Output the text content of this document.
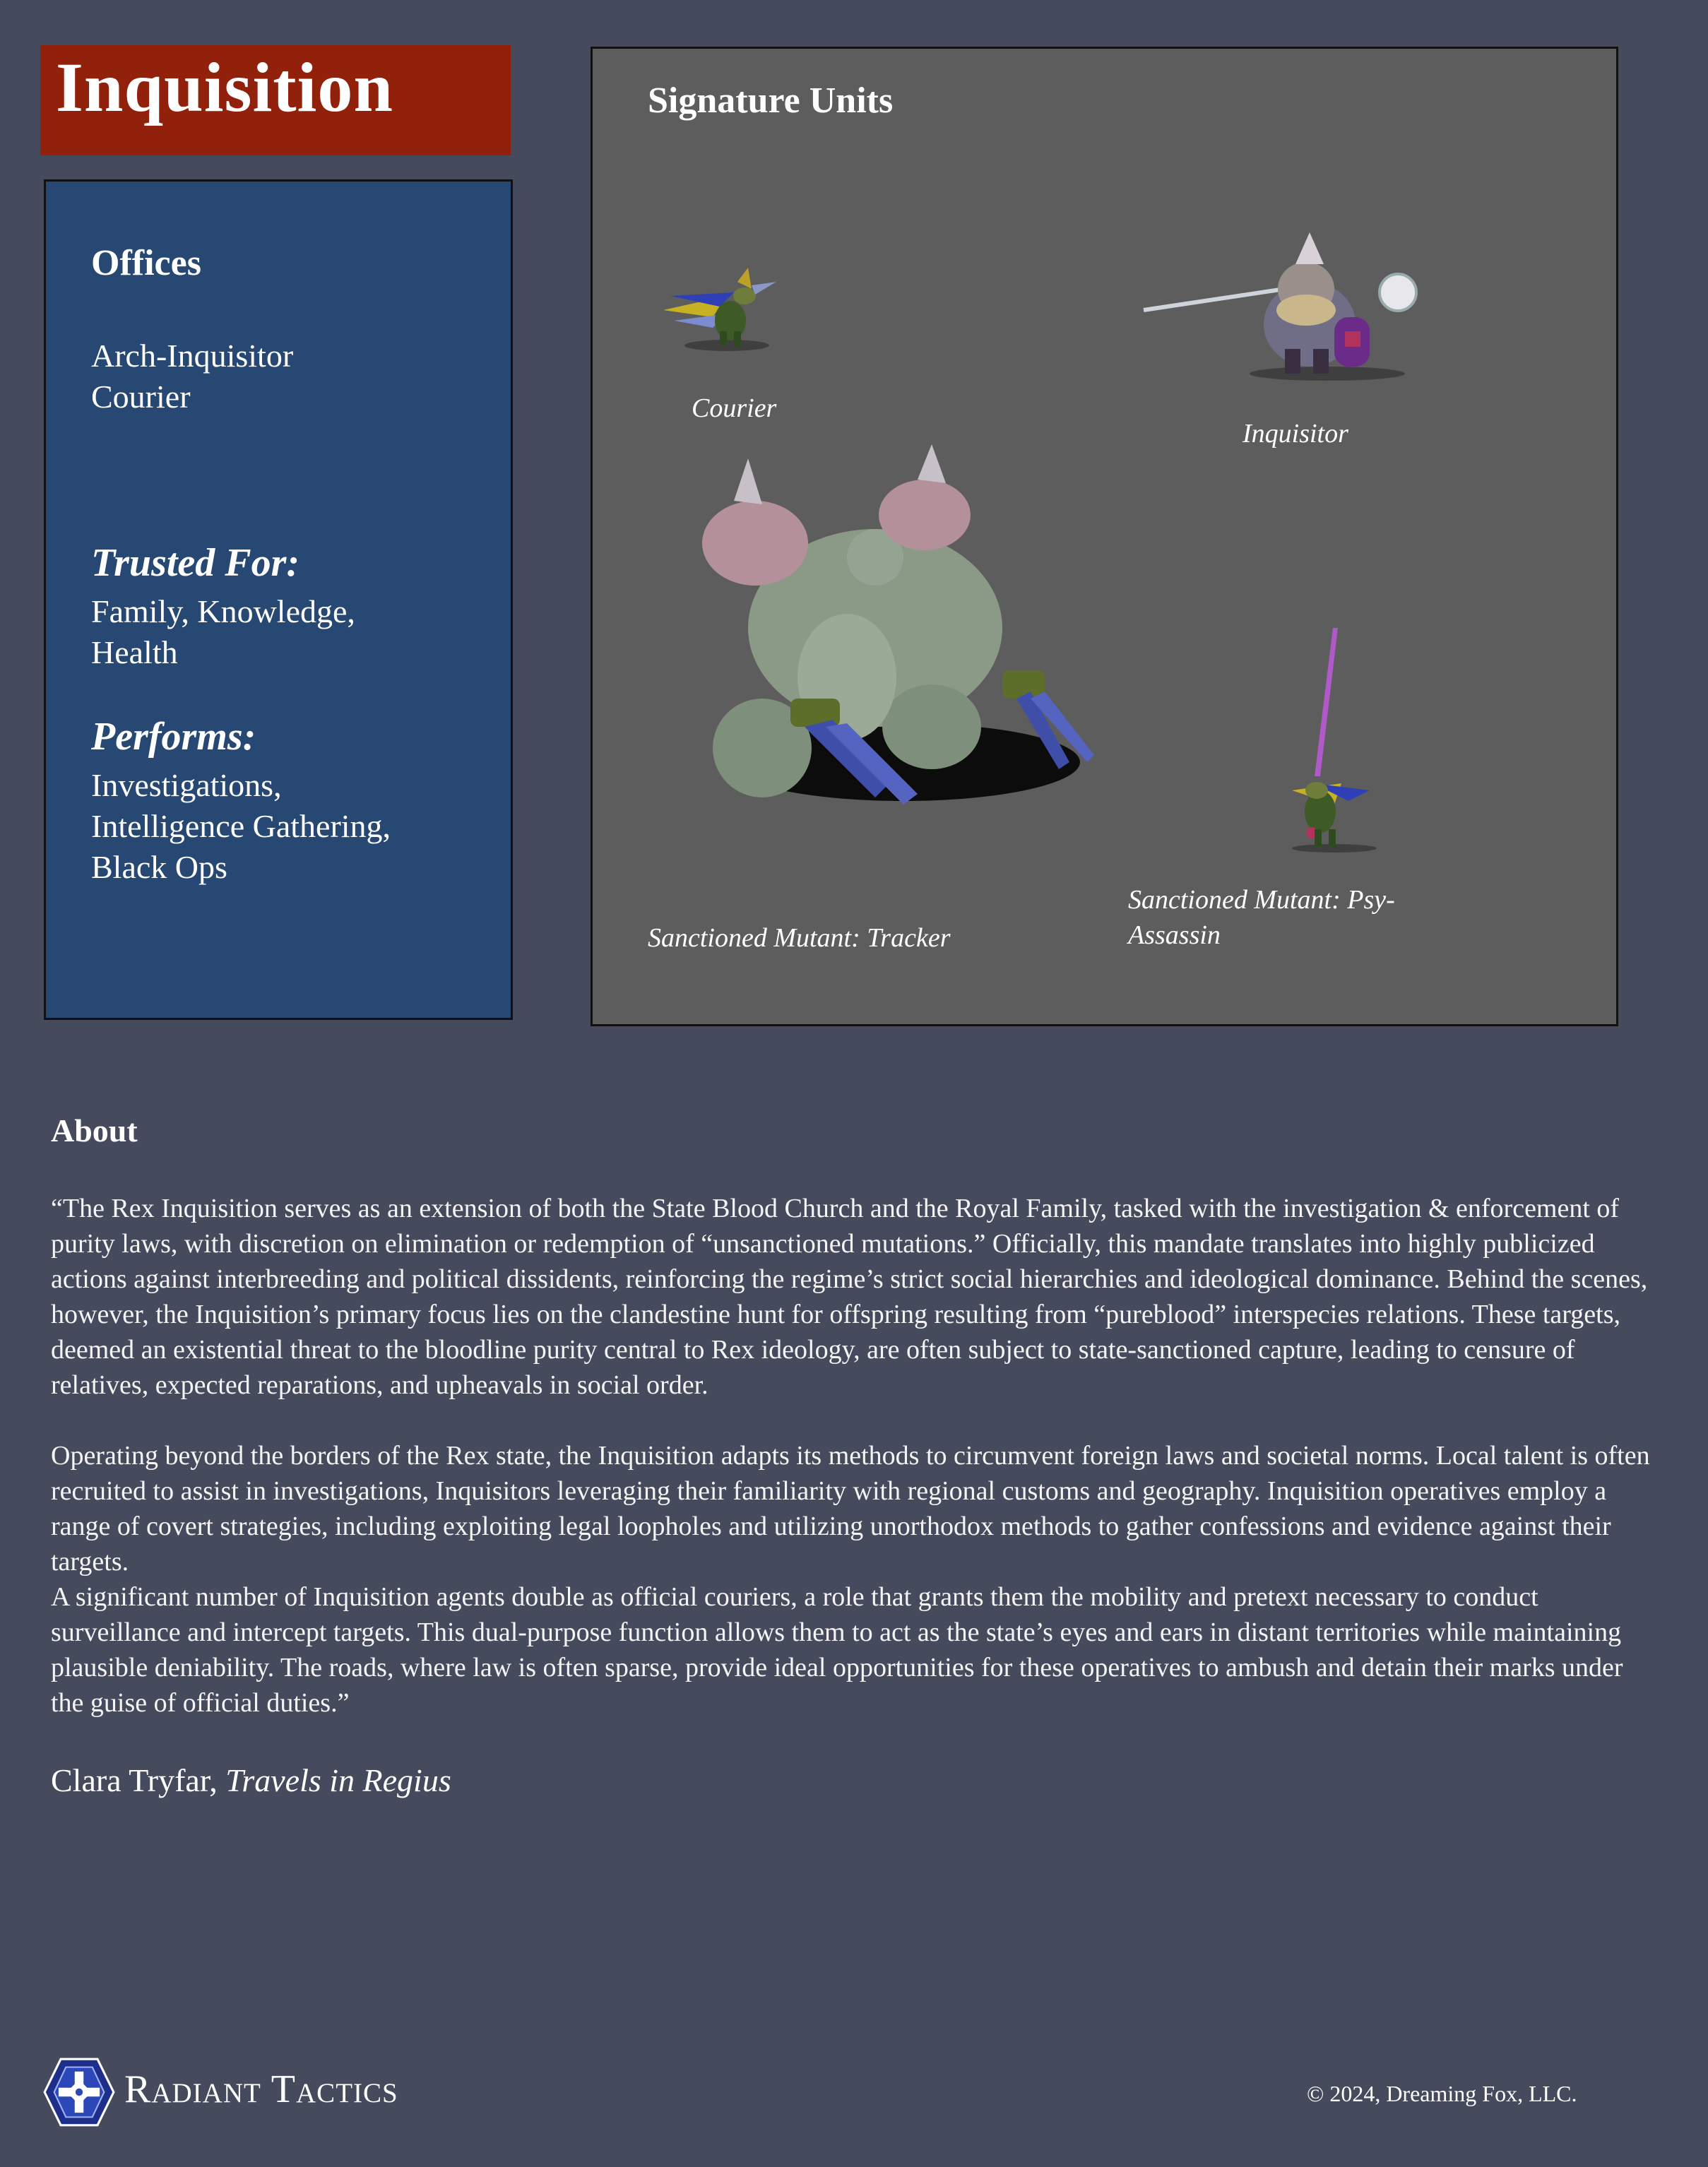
Inquisition
Offices
Arch-Inquisitor
Courier
Trusted For:
Family, Knowledge,
Health
Performs:
Investigations,
Intelligence Gathering,
Black Ops
Signature Units
Courier
Inquisitor
Sanctioned Mutant: Tracker
Sanctioned Mutant: Psy-
Assassin
About

“The Rex Inquisition serves as an extension of both the State Blood Church and the Royal Family, tasked with the investigation & enforcement of purity laws, with discretion on elimination or redemption of “unsanctioned mutations.” Officially, this mandate translates into highly publicized actions against interbreeding and political dissidents, reinforcing the regime’s strict social hierarchies and ideological dominance. Behind the scenes, however, the Inquisition’s primary focus lies on the clandestine hunt for offspring resulting from “pureblood” interspecies relations. These targets, deemed an existential threat to the bloodline purity central to Rex ideology, are often subject to state-sanctioned capture, leading to censure of relatives, expected reparations, and upheavals in social order.

Operating beyond the borders of the Rex state, the Inquisition adapts its methods to circumvent foreign laws and societal norms. Local talent is often recruited to assist in investigations, Inquisitors leveraging their familiarity with regional customs and geography. Inquisition operatives employ a range of covert strategies, including exploiting legal loopholes and utilizing unorthodox methods to gather confessions and evidence against their targets.

A significant number of Inquisition agents double as official couriers, a role that grants them the mobility and pretext necessary to conduct surveillance and intercept targets. This dual-purpose function allows them to act as the state’s eyes and ears in distant territories while maintaining plausible deniability. The roads, where law is often sparse, provide ideal opportunities for these operatives to ambush and detain their marks under the guise of official duties.”

Clara Tryfar, Travels in Regius
Radiant Tactics	© 2024, Dreaming Fox, LLC.
